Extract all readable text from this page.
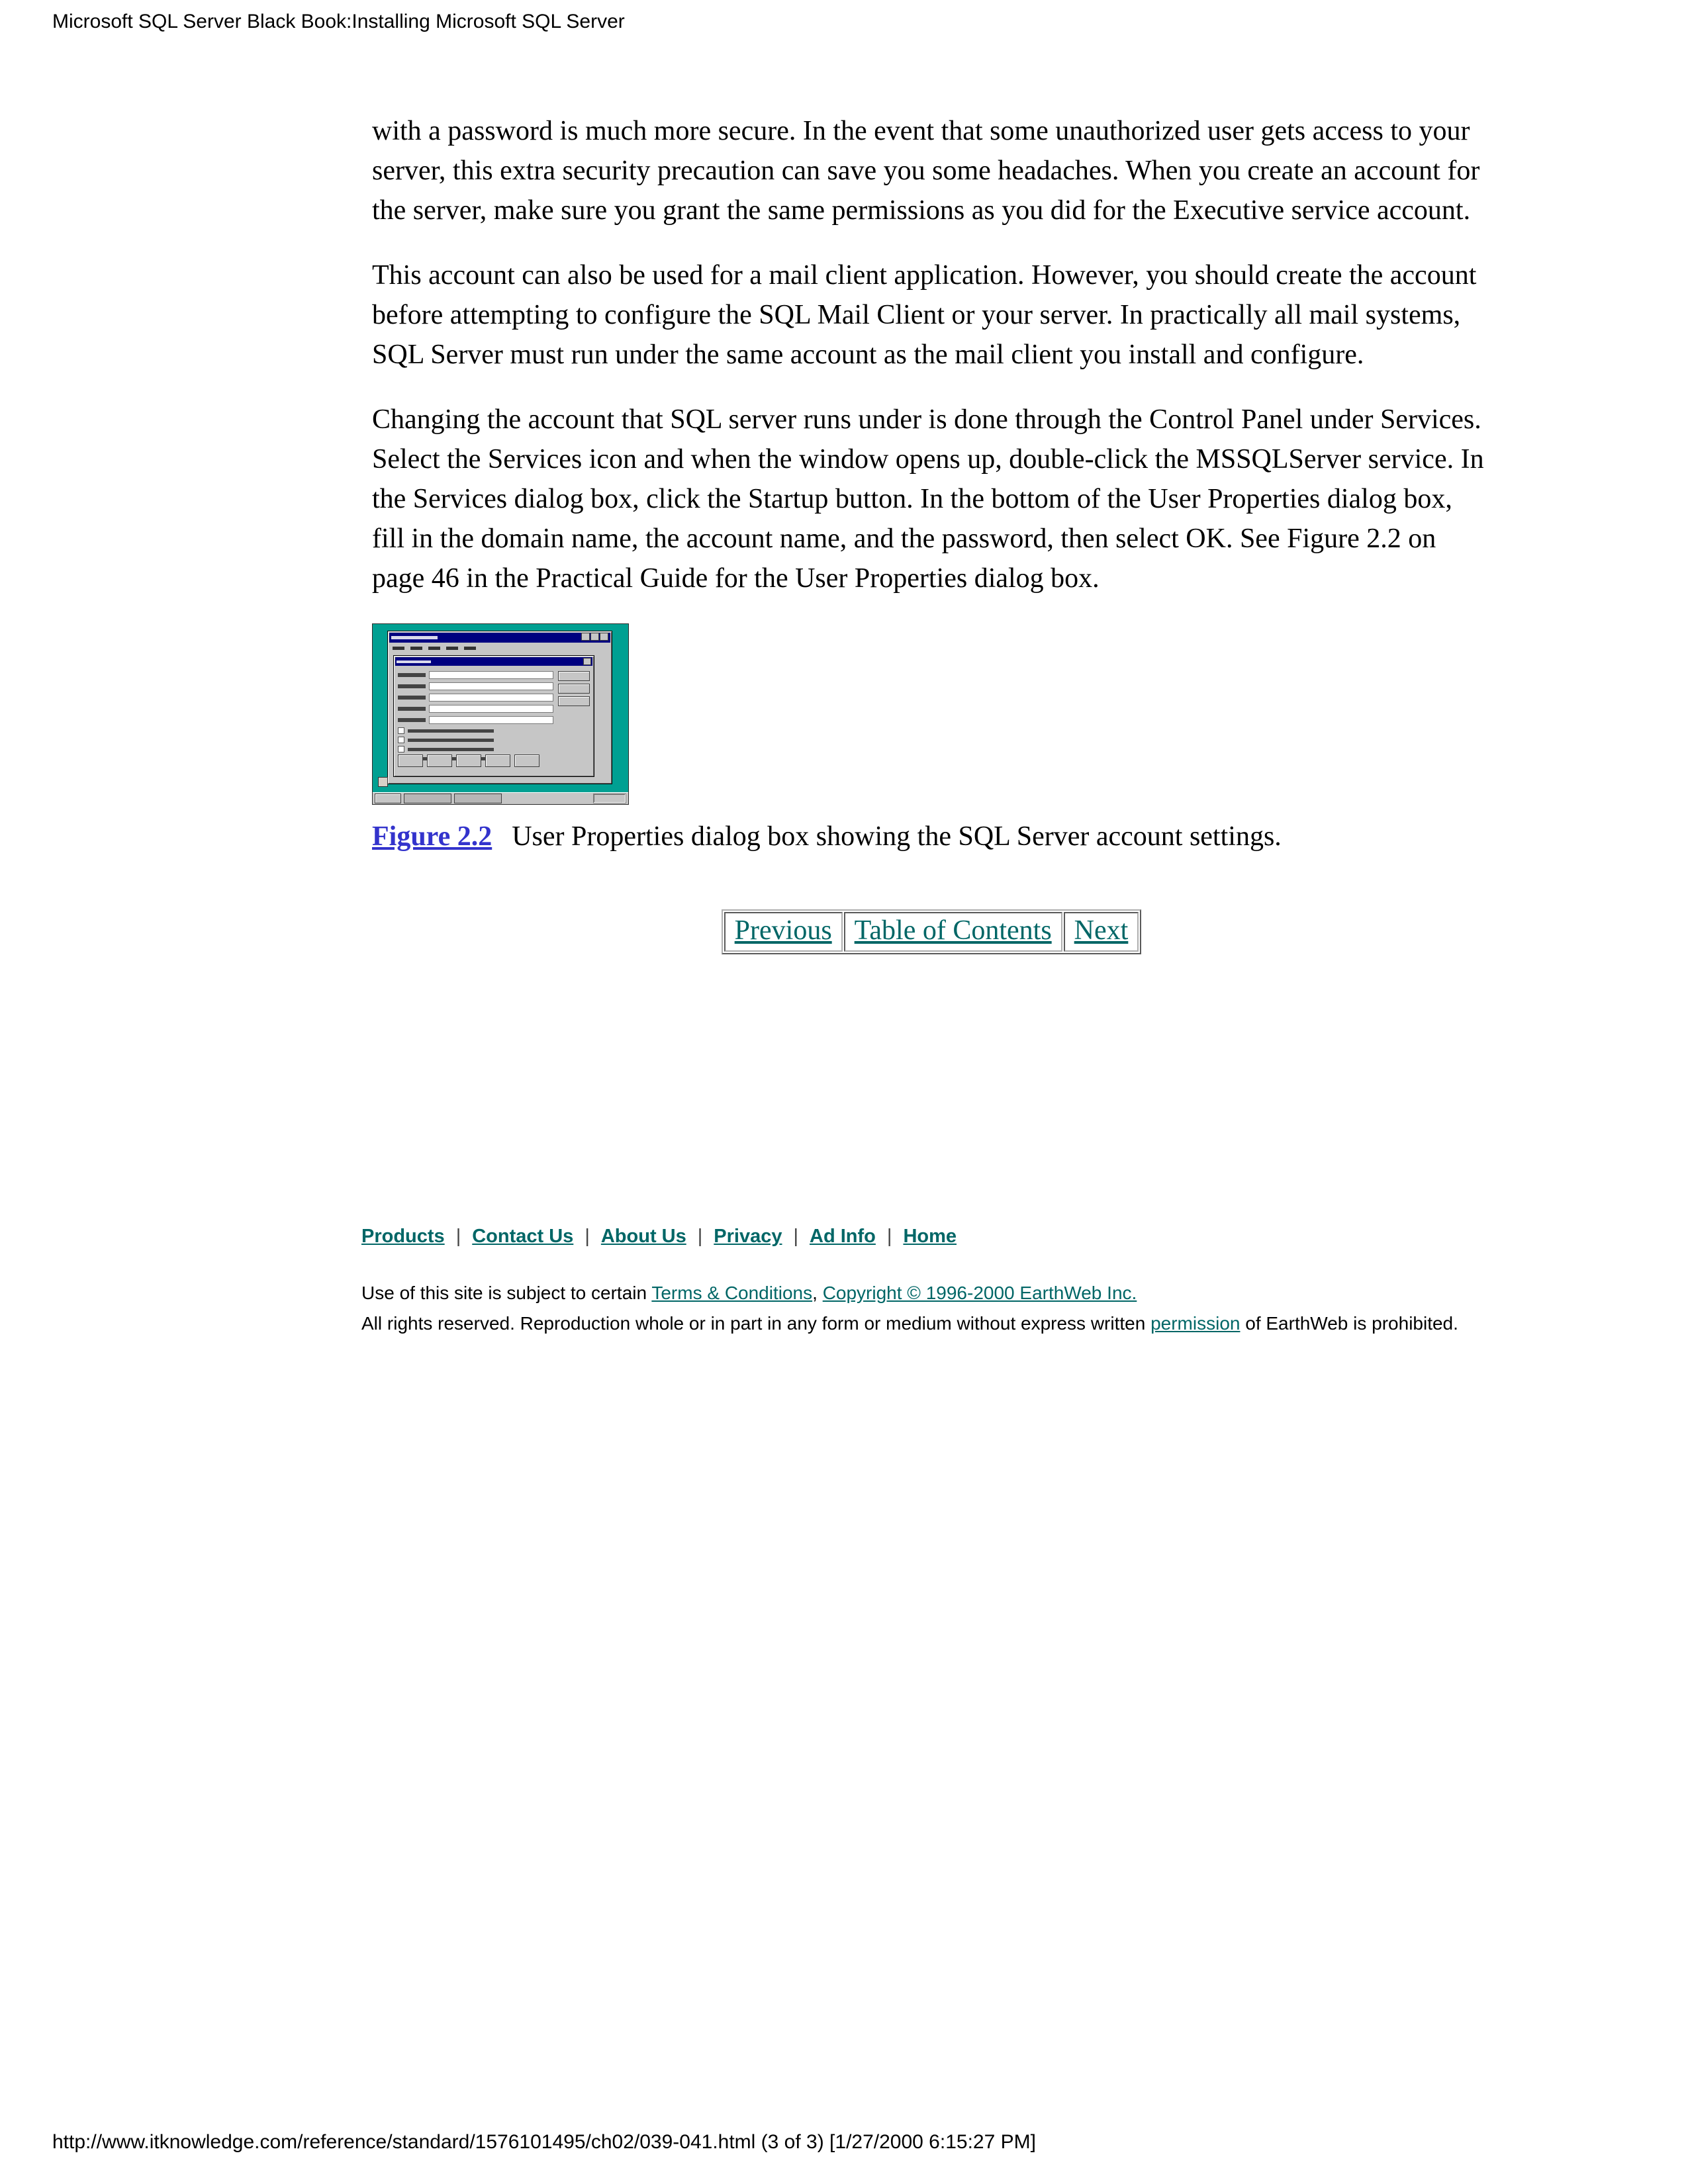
Microsoft SQL Server Black Book:Installing Microsoft SQL Server

with a password is much more secure. In the event that some unauthorized user gets access to your server, this extra security precaution can save you some headaches. When you create an account for the server, make sure you grant the same permissions as you did for the Executive service account.

This account can also be used for a mail client application. However, you should create the account before attempting to configure the SQL Mail Client or your server. In practically all mail systems, SQL Server must run under the same account as the mail client you install and configure.

Changing the account that SQL server runs under is done through the Control Panel under Services. Select the Services icon and when the window opens up, double-click the MSSQLServer service. In the Services dialog box, click the Startup button. In the bottom of the User Properties dialog box, fill in the domain name, the account name, and the password, then select OK. See Figure 2.2 on page 46 in the Practical Guide for the User Properties dialog box.

Figure 2.2 User Properties dialog box showing the SQL Server account settings.

Previous	Table of Contents	Next
Products | Contact Us | About Us | Privacy | Ad Info | Home

Use of this site is subject to certain Terms & Conditions, Copyright © 1996-2000 EarthWeb Inc.
All rights reserved. Reproduction whole or in part in any form or medium without express written permission of EarthWeb is prohibited.

http://www.itknowledge.com/reference/standard/1576101495/ch02/039-041.html (3 of 3) [1/27/2000 6:15:27 PM]
